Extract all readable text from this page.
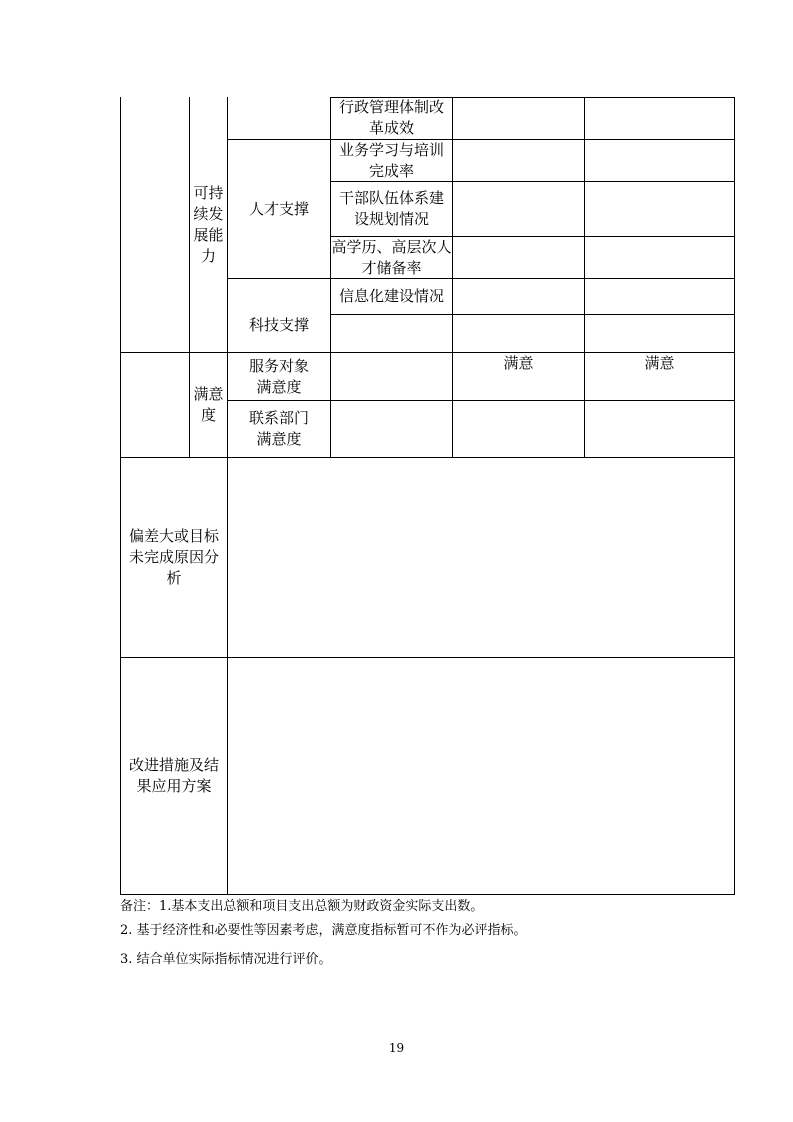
可持续发展能力
人才支撑
科技支撑
行政管理体制改革成效
业务学习与培训完成率
干部队伍体系建设规划情况
高学历、高层次人才储备率
信息化建设情况
满意度
服务对象满意度
联系部门满意度
满意	满意
偏差大或目标未完成原因分析
改进措施及结果应用方案
备注：1.基本支出总额和项目支出总额为财政资金实际支出数。
2. 基于经济性和必要性等因素考虑，满意度指标暂可不作为必评指标。
3. 结合单位实际指标情况进行评价。
19
